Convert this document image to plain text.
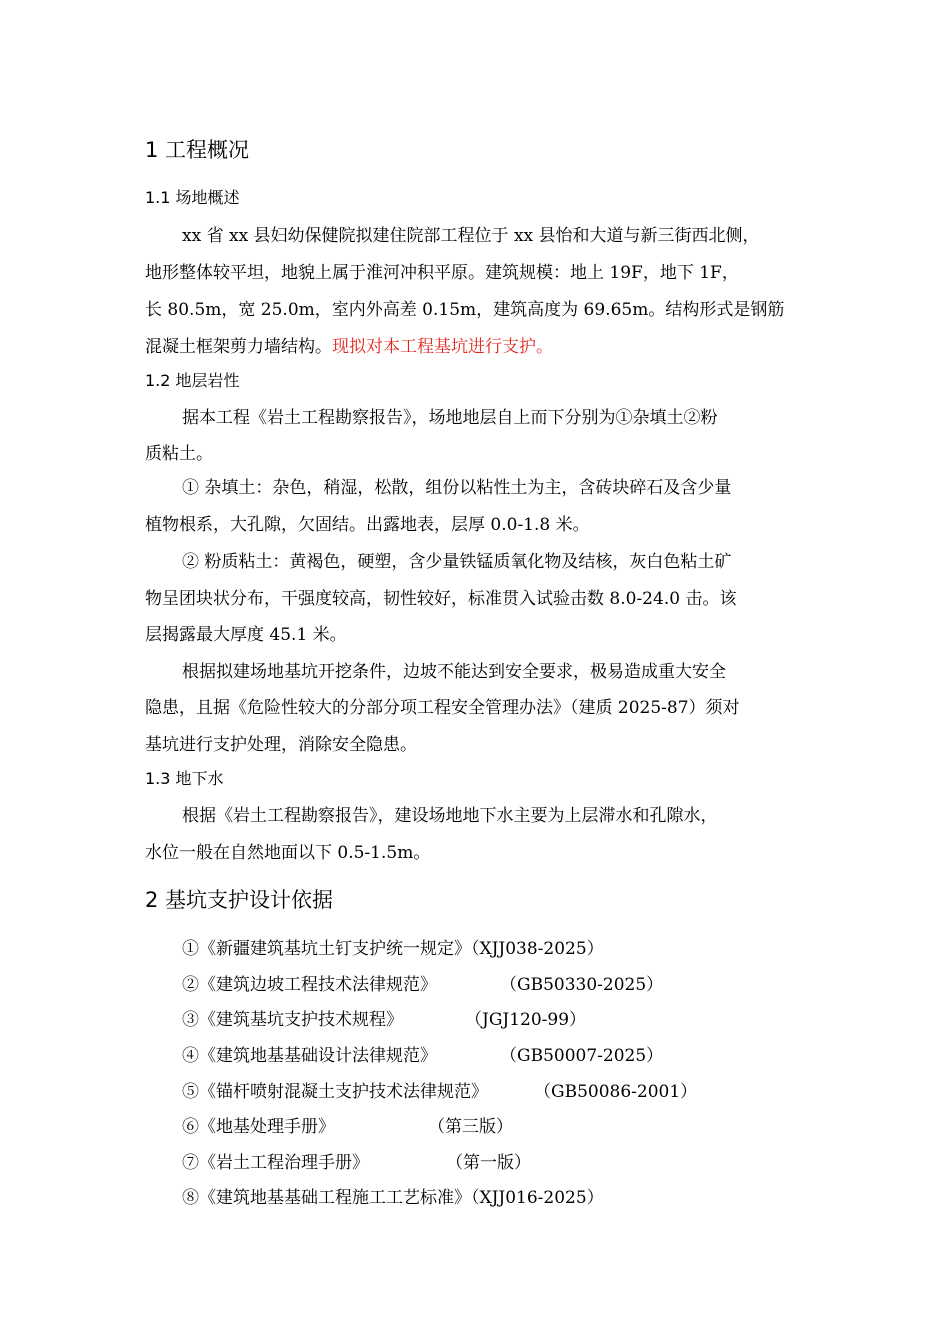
1 工程概况
1.1 场地概述
xx 省 xx 县妇幼保健院拟建住院部工程位于 xx 县怡和大道与新三街西北侧，
地形整体较平坦，地貌上属于淮河冲积平原。建筑规模：地上 19F，地下 1F，
长 80.5m，宽 25.0m，室内外高差 0.15m，建筑高度为 69.65m。结构形式是钢筋
混凝土框架剪力墙结构。现拟对本工程基坑进行支护。
1.2 地层岩性
据本工程《岩土工程勘察报告》，场地地层自上而下分别为①杂填土②粉
质粘土。
① 杂填土：杂色，稍湿，松散，组份以粘性土为主，含砖块碎石及含少量
植物根系，大孔隙，欠固结。出露地表，层厚 0.0-1.8 米。
② 粉质粘土：黄褐色，硬塑，含少量铁锰质氧化物及结核，灰白色粘土矿
物呈团块状分布，干强度较高，韧性较好，标准贯入试验击数 8.0-24.0 击。该
层揭露最大厚度 45.1 米。
根据拟建场地基坑开挖条件，边坡不能达到安全要求，极易造成重大安全
隐患，且据《危险性较大的分部分项工程安全管理办法》（建质 2025-87）须对
基坑进行支护处理，消除安全隐患。
1.3 地下水
根据《岩土工程勘察报告》，建设场地地下水主要为上层滞水和孔隙水，
水位一般在自然地面以下 0.5-1.5m。
2 基坑支护设计依据
①《新疆建筑基坑土钉支护统一规定》（XJJ038-2025）
②《建筑边坡工程技术法律规范》	（GB50330-2025）
③《建筑基坑支护技术规程》	（JGJ120-99）
④《建筑地基基础设计法律规范》	（GB50007-2025）
⑤《锚杆喷射混凝土支护技术法律规范》	（GB50086-2001）
⑥《地基处理手册》	（第三版）
⑦《岩土工程治理手册》	（第一版）
⑧《建筑地基基础工程施工工艺标准》（XJJ016-2025）
